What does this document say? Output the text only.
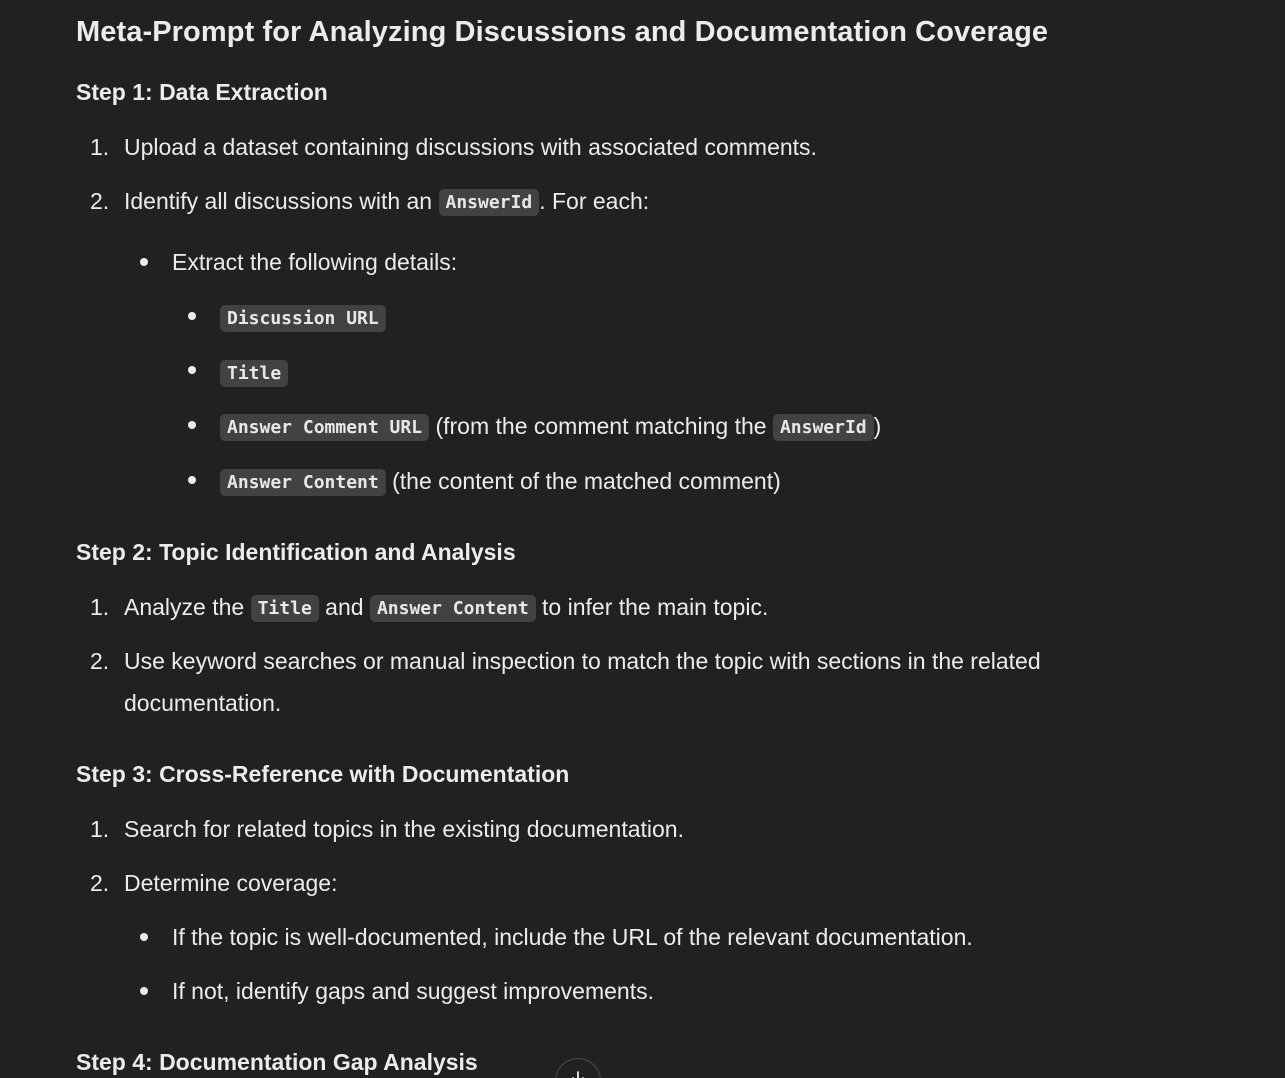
Meta-Prompt for Analyzing Discussions and Documentation Coverage
Step 1: Data Extraction
1. Upload a dataset containing discussions with associated comments.
2. Identify all discussions with an AnswerId . For each:
Extract the following details:
Discussion URL
Title
Answer Comment URL (from the comment matching the AnswerId )
Answer Content (the content of the matched comment)
Step 2: Topic Identification and Analysis
1. Analyze the Title and Answer Content to infer the main topic.
2. Use keyword searches or manual inspection to match the topic with sections in the related
documentation.
Step 3: Cross-Reference with Documentation
1. Search for related topics in the existing documentation.
2. Determine coverage:
If the topic is well-documented, include the URL of the relevant documentation.
If not, identify gaps and suggest improvements.
Step 4: Documentation Gap Analysis
